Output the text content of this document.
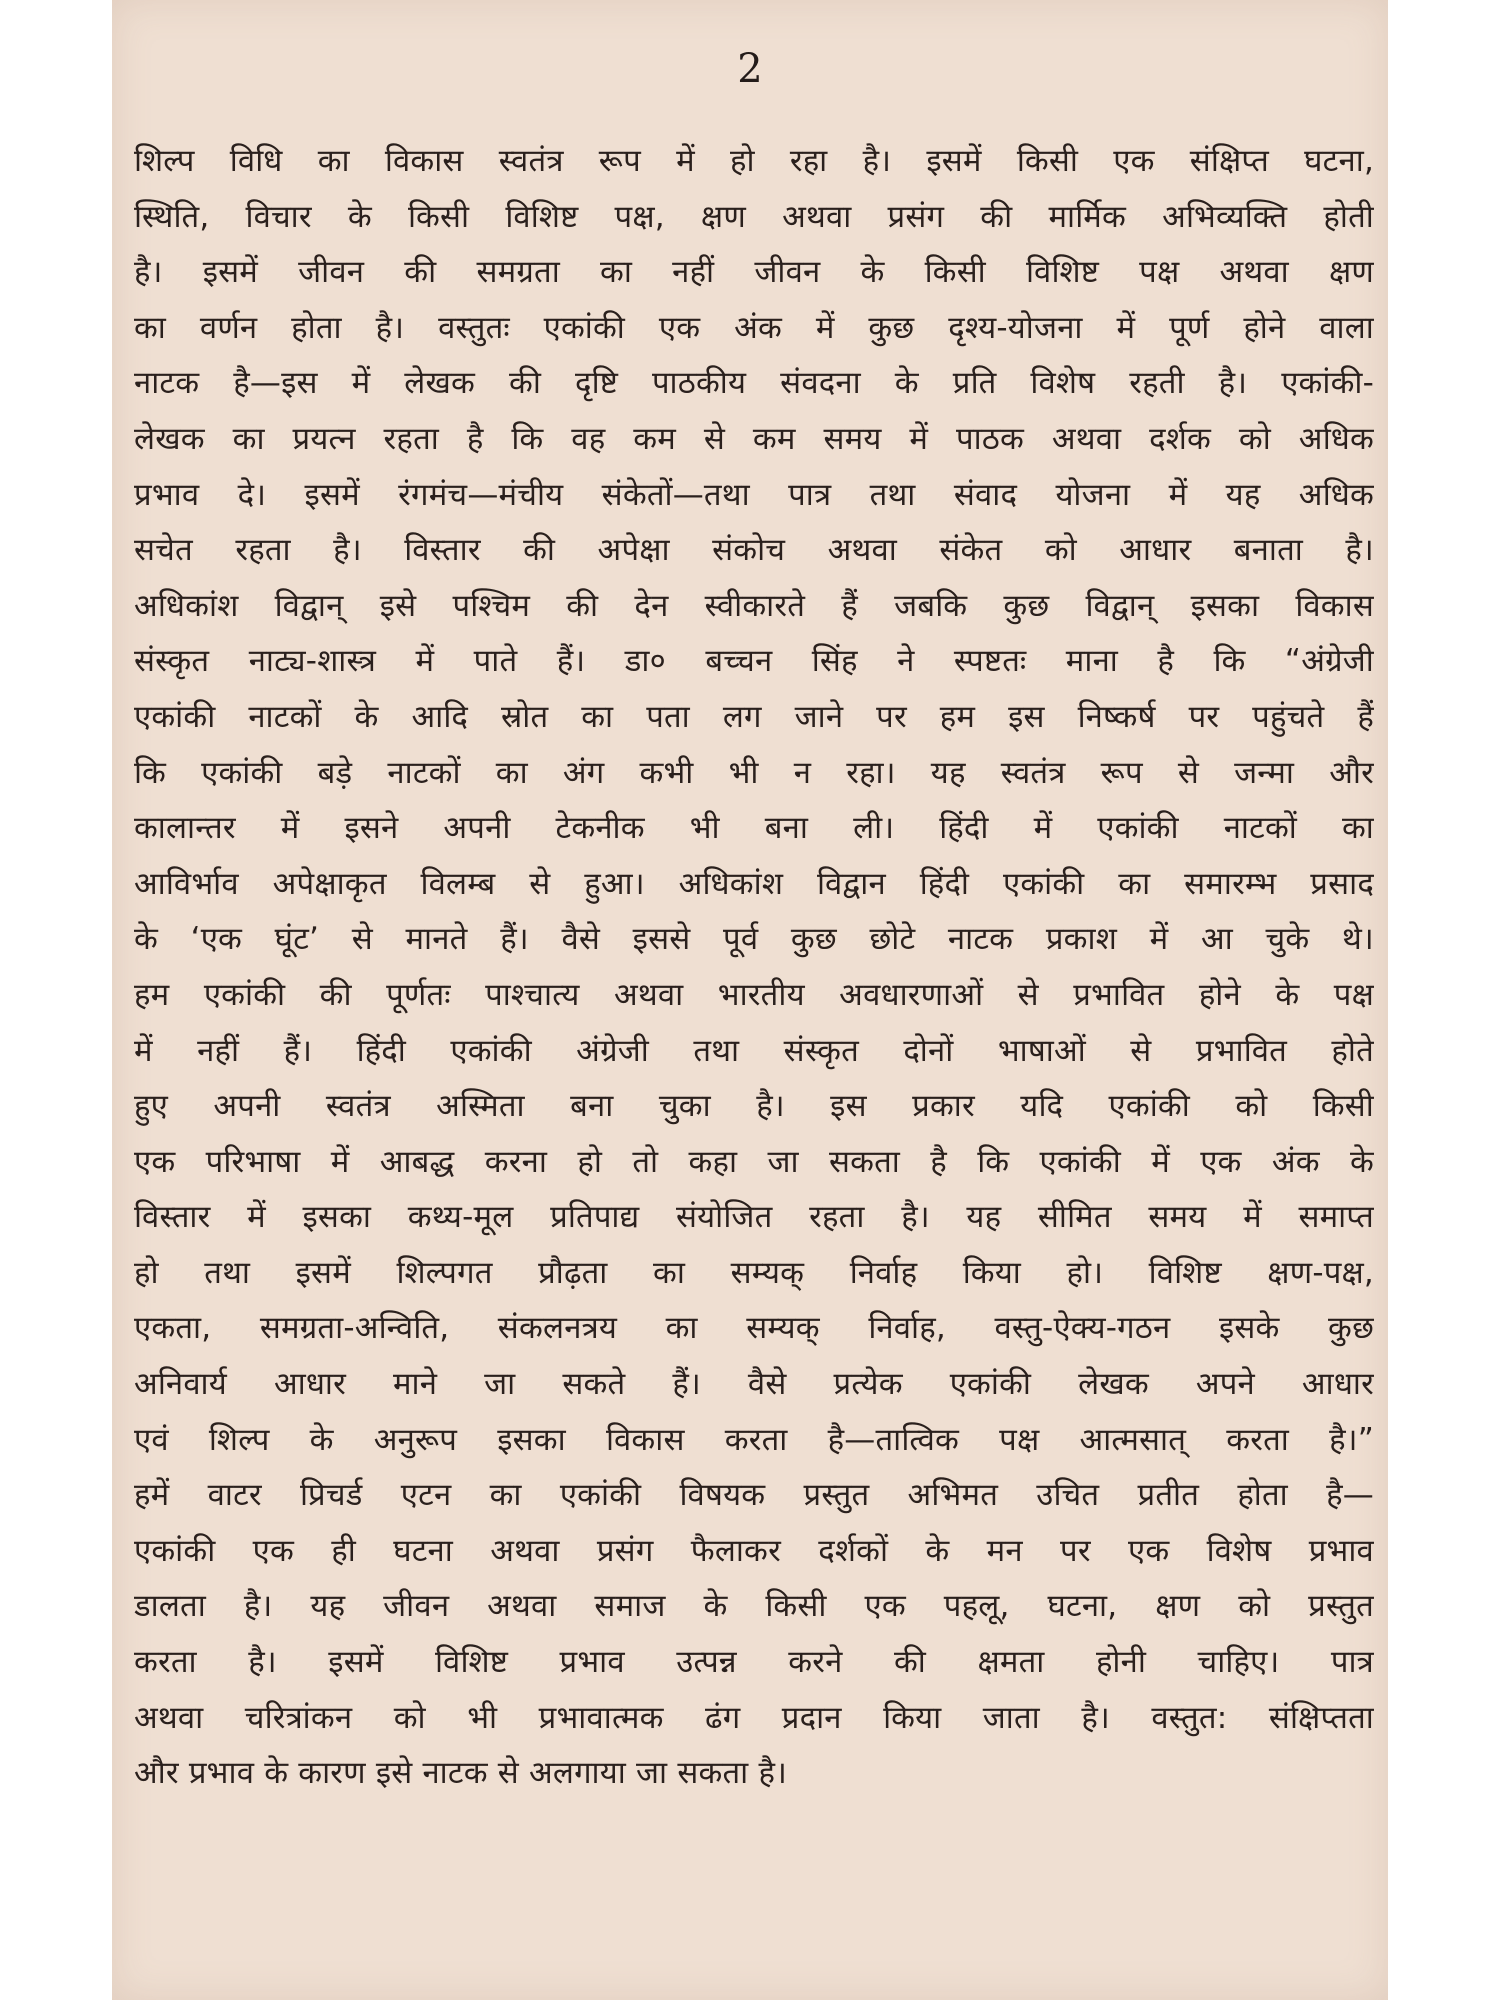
2
शिल्प विधि का विकास स्वतंत्र रूप में हो रहा है। इसमें किसी एक संक्षिप्त घटना,
स्थिति, विचार के किसी विशिष्ट पक्ष, क्षण अथवा प्रसंग की मार्मिक अभिव्यक्ति होती
है। इसमें जीवन की समग्रता का नहीं जीवन के किसी विशिष्ट पक्ष अथवा क्षण
का वर्णन होता है। वस्तुतः एकांकी एक अंक में कुछ दृश्य-योजना में पूर्ण होने वाला
नाटक है—इस में लेखक की दृष्टि पाठकीय संवदना के प्रति विशेष रहती है। एकांकी-
लेखक का प्रयत्न रहता है कि वह कम से कम समय में पाठक अथवा दर्शक को अधिक
प्रभाव दे। इसमें रंगमंच—मंचीय संकेतों—तथा पात्र तथा संवाद योजना में यह अधिक
सचेत रहता है। विस्तार की अपेक्षा संकोच अथवा संकेत को आधार बनाता है।
अधिकांश विद्वान् इसे पश्चिम की देन स्वीकारते हैं जबकि कुछ विद्वान् इसका विकास
संस्कृत नाट्य-शास्त्र में पाते हैं। डा० बच्चन सिंह ने स्पष्टतः माना है कि “अंग्रेजी
एकांकी नाटकों के आदि स्रोत का पता लग जाने पर हम इस निष्कर्ष पर पहुंचते हैं
कि एकांकी बड़े नाटकों का अंग कभी भी न रहा। यह स्वतंत्र रूप से जन्मा और
कालान्तर में इसने अपनी टेकनीक भी बना ली। हिंदी में एकांकी नाटकों का
आविर्भाव अपेक्षाकृत विलम्ब से हुआ। अधिकांश विद्वान हिंदी एकांकी का समारम्भ प्रसाद
के ‘एक घूंट’ से मानते हैं। वैसे इससे पूर्व कुछ छोटे नाटक प्रकाश में आ चुके थे।
हम एकांकी की पूर्णतः पाश्चात्य अथवा भारतीय अवधारणाओं से प्रभावित होने के पक्ष
में नहीं हैं। हिंदी एकांकी अंग्रेजी तथा संस्कृत दोनों भाषाओं से प्रभावित होते
हुए अपनी स्वतंत्र अस्मिता बना चुका है। इस प्रकार यदि एकांकी को किसी
एक परिभाषा में आबद्ध करना हो तो कहा जा सकता है कि एकांकी में एक अंक के
विस्तार में इसका कथ्य-मूल प्रतिपाद्य संयोजित रहता है। यह सीमित समय में समाप्त
हो तथा इसमें शिल्पगत प्रौढ़ता का सम्यक् निर्वाह किया हो। विशिष्ट क्षण-पक्ष,
एकता, समग्रता-अन्विति, संकलनत्रय का सम्यक् निर्वाह, वस्तु-ऐक्य-गठन इसके कुछ
अनिवार्य आधार माने जा सकते हैं। वैसे प्रत्येक एकांकी लेखक अपने आधार
एवं शिल्प के अनुरूप इसका विकास करता है—तात्विक पक्ष आत्मसात् करता है।”
हमें वाटर प्रिचर्ड एटन का एकांकी विषयक प्रस्तुत अभिमत उचित प्रतीत होता है—
एकांकी एक ही घटना अथवा प्रसंग फैलाकर दर्शकों के मन पर एक विशेष प्रभाव
डालता है। यह जीवन अथवा समाज के किसी एक पहलू, घटना, क्षण को प्रस्तुत
करता है। इसमें विशिष्ट प्रभाव उत्पन्न करने की क्षमता होनी चाहिए। पात्र
अथवा चरित्रांकन को भी प्रभावात्मक ढंग प्रदान किया जाता है। वस्तुत: संक्षिप्तता
और प्रभाव के कारण इसे नाटक से अलगाया जा सकता है।
